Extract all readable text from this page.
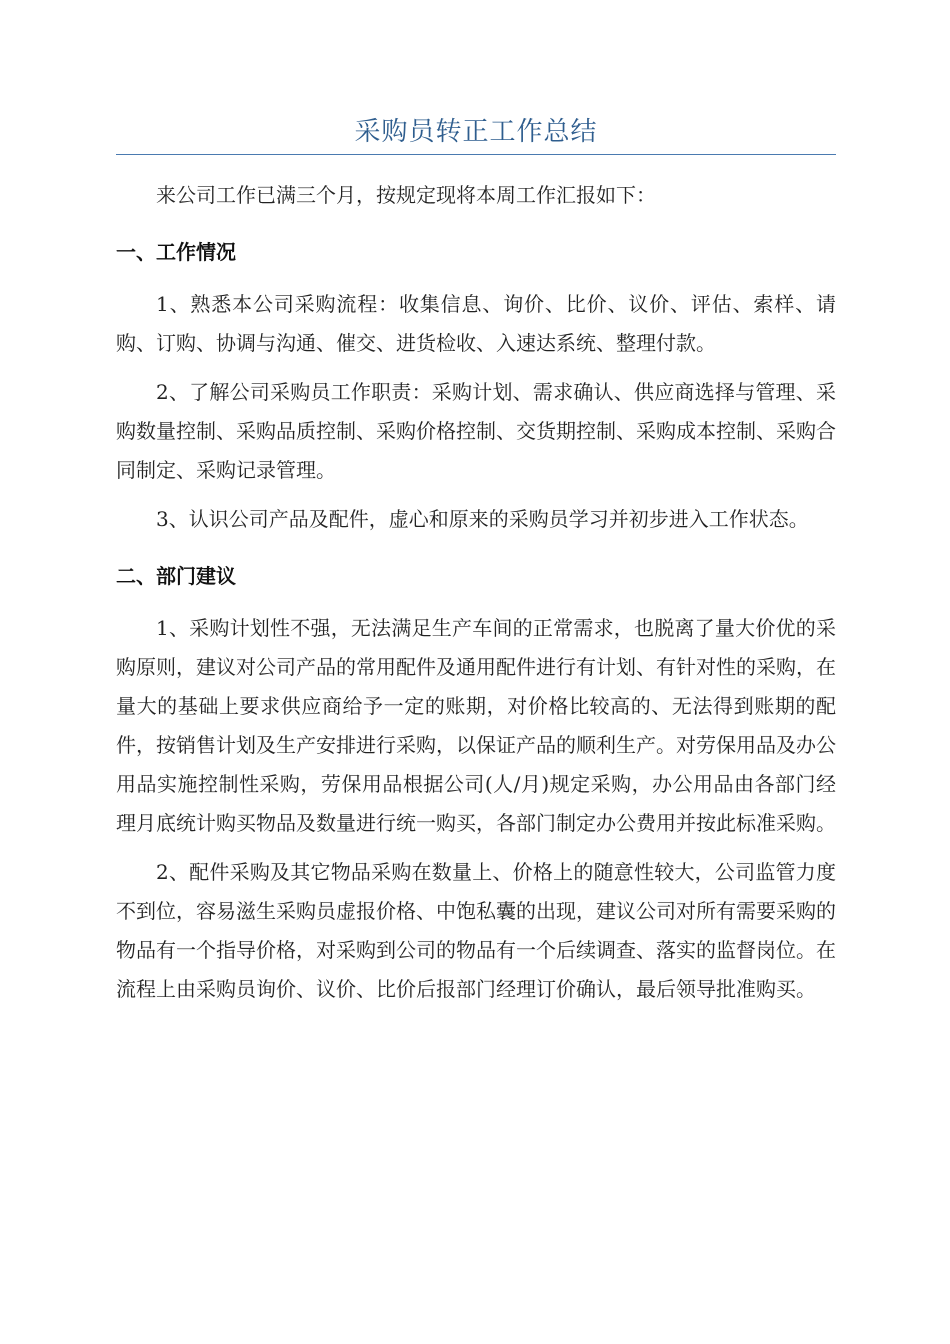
采购员转正工作总结

来公司工作已满三个月，按规定现将本周工作汇报如下：

一、工作情况

1、熟悉本公司采购流程：收集信息、询价、比价、议价、评估、索样、请购、订购、协调与沟通、催交、进货检收、入速达系统、整理付款。

2、了解公司采购员工作职责：采购计划、需求确认、供应商选择与管理、采购数量控制、采购品质控制、采购价格控制、交货期控制、采购成本控制、采购合同制定、采购记录管理。

3、认识公司产品及配件，虚心和原来的采购员学习并初步进入工作状态。

二、部门建议

1、采购计划性不强，无法满足生产车间的正常需求，也脱离了量大价优的采购原则，建议对公司产品的常用配件及通用配件进行有计划、有针对性的采购，在量大的基础上要求供应商给予一定的账期，对价格比较高的、无法得到账期的配件，按销售计划及生产安排进行采购，以保证产品的顺利生产。对劳保用品及办公用品实施控制性采购，劳保用品根据公司(人/月)规定采购，办公用品由各部门经理月底统计购买物品及数量进行统一购买，各部门制定办公费用并按此标准采购。

2、配件采购及其它物品采购在数量上、价格上的随意性较大，公司监管力度不到位，容易滋生采购员虚报价格、中饱私囊的出现，建议公司对所有需要采购的物品有一个指导价格，对采购到公司的物品有一个后续调查、落实的监督岗位。在流程上由采购员询价、议价、比价后报部门经理订价确认，最后领导批准购买。
